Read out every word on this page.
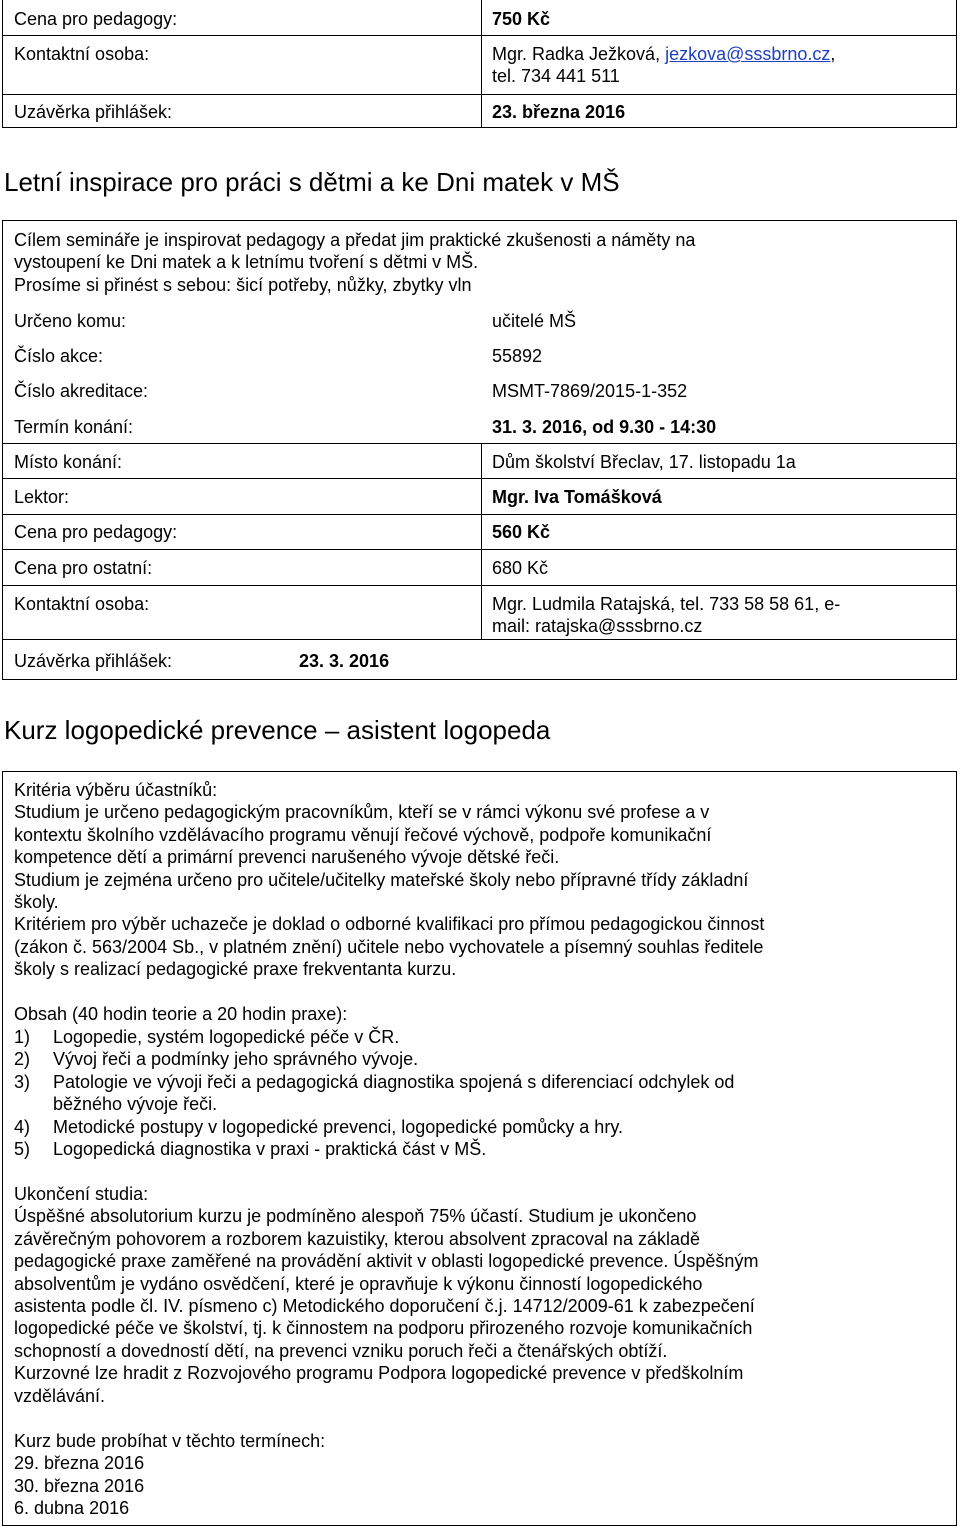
Cena pro pedagogy:	750 Kč
Kontaktní osoba:	Mgr. Radka Ježková, jezkova@sssbrno.cz,
tel. 734 441 511
Uzávěrka přihlášek:	23. března 2016
Letní inspirace pro práci s dětmi a ke Dni matek v MŠ
Cílem semináře je inspirovat pedagogy a předat jim praktické zkušenosti a náměty na
vystoupení ke Dni matek a k letnímu tvoření s dětmi v MŠ.
Prosíme si přinést s sebou: šicí potřeby, nůžky, zbytky vln
Určeno komu:	učitelé MŠ
Číslo akce:	55892
Číslo akreditace:	MSMT-7869/2015-1-352
Termín konání:	31. 3. 2016, od 9.30 - 14:30
Místo konání:	Dům školství Břeclav, 17. listopadu 1a
Lektor:	Mgr. Iva Tomášková
Cena pro pedagogy:	560 Kč
Cena pro ostatní:	680 Kč
Kontaktní osoba:	Mgr. Ludmila Ratajská, tel. 733 58 58 61, e-
mail: ratajska@sssbrno.cz
Uzávěrka přihlášek:	23. 3. 2016
Kurz logopedické prevence – asistent logopeda
Kritéria výběru účastníků:
Studium je určeno pedagogickým pracovníkům, kteří se v rámci výkonu své profese a v
kontextu školního vzdělávacího programu věnují řečové výchově, podpoře komunikační
kompetence dětí a primární prevenci narušeného vývoje dětské řeči.
Studium je zejména určeno pro učitele/učitelky mateřské školy nebo přípravné třídy základní
školy.
Kritériem pro výběr uchazeče je doklad o odborné kvalifikaci pro přímou pedagogickou činnost
(zákon č. 563/2004 Sb., v platném znění) učitele nebo vychovatele a písemný souhlas ředitele
školy s realizací pedagogické praxe frekventanta kurzu.
Obsah (40 hodin teorie a 20 hodin praxe):
1) Logopedie, systém logopedické péče v ČR.
2) Vývoj řeči a podmínky jeho správného vývoje.
3) Patologie ve vývoji řeči a pedagogická diagnostika spojená s diferenciací odchylek od
běžného vývoje řeči.
4) Metodické postupy v logopedické prevenci, logopedické pomůcky a hry.
5) Logopedická diagnostika v praxi - praktická část v MŠ.
Ukončení studia:
Úspěšné absolutorium kurzu je podmíněno alespoň 75% účastí. Studium je ukončeno
závěrečným pohovorem a rozborem kazuistiky, kterou absolvent zpracoval na základě
pedagogické praxe zaměřené na provádění aktivit v oblasti logopedické prevence. Úspěšným
absolventům je vydáno osvědčení, které je opravňuje k výkonu činností logopedického
asistenta podle čl. IV. písmeno c) Metodického doporučení č.j. 14712/2009-61 k zabezpečení
logopedické péče ve školství, tj. k činnostem na podporu přirozeného rozvoje komunikačních
schopností a dovedností dětí, na prevenci vzniku poruch řeči a čtenářských obtíží.
Kurzovné lze hradit z Rozvojového programu Podpora logopedické prevence v předškolním
vzdělávání.
Kurz bude probíhat v těchto termínech:
29. března 2016
30. března 2016
6. dubna 2016
